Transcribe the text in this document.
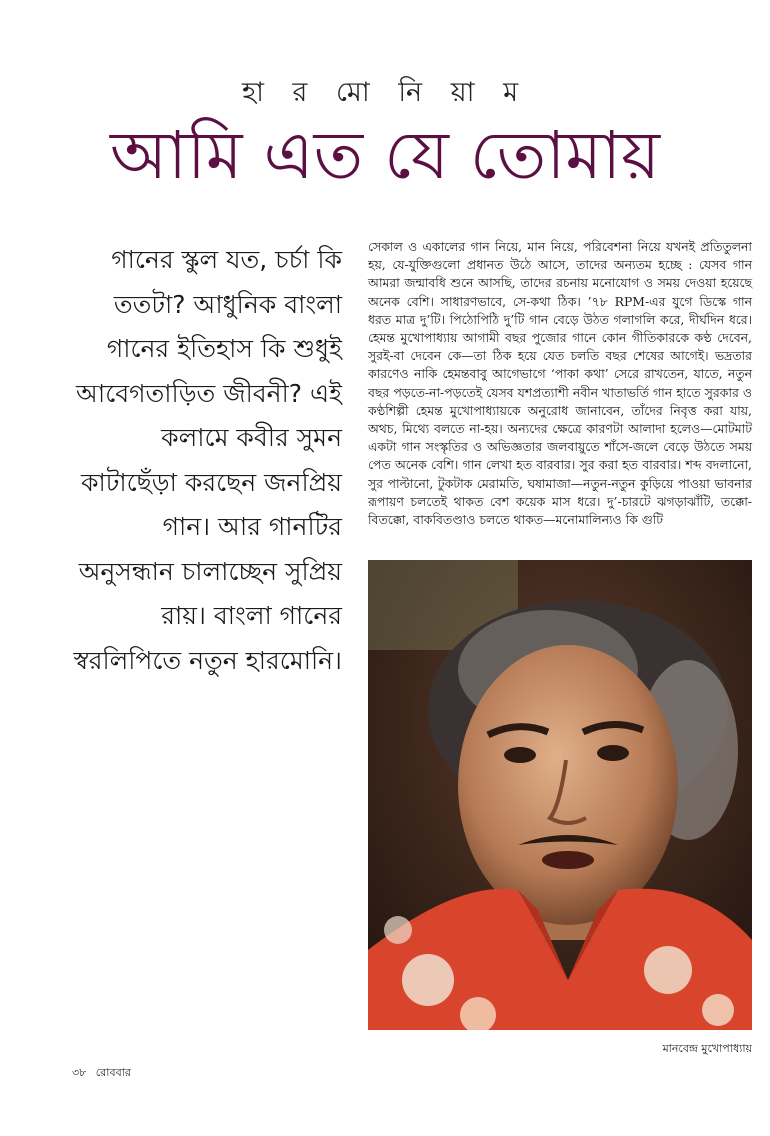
হা র মো নি য়া ম
আমি এত যে তোমায়

গানের স্কুল যত, চর্চা কি ততটা? আধুনিক বাংলা গানের ইতিহাস কি শুধুই আবেগতাড়িত জীবনী? এই কলামে কবীর সুমন কাটাছেঁড়া করছেন জনপ্রিয় গান। আর গানটির অনুসন্ধান চালাচ্ছেন সুপ্রিয় রায়। বাংলা গানের স্বরলিপিতে নতুন হারমোনি।

সেকাল ও একালের গান নিয়ে, মান নিয়ে, পরিবেশনা নিয়ে যখনই প্রতিতুলনা হয়, যে-যুক্তিগুলো প্রধানত উঠে আসে, তাদের অন্যতম হচ্ছে : যেসব গান আমরা জন্মাবধি শুনে আসছি, তাদের রচনায় মনোযোগ ও সময় দেওয়া হয়েছে অনেক বেশি। সাধারণভাবে, সে-কথা ঠিক। ’৭৮ RPM-এর যুগে ডিস্কে গান ধরত মাত্র দু’টি। পিঠোপিঠি দু’টি গান বেড়ে উঠত গলাগলি করে, দীর্ঘদিন ধরে। হেমন্ত মুখোপাধ্যায় আগামী বছর পুজোর গানে কোন গীতিকারকে কণ্ঠ দেবেন, সুরই-বা দেবেন কে—তা ঠিক হয়ে যেত চলতি বছর শেষের আগেই। ভদ্রতার কারণেও নাকি হেমন্তবাবু আগেভাগে ‘পাকা কথা’ সেরে রাখতেন, যাতে, নতুন বছর পড়তে-না-পড়তেই যেসব যশপ্রত্যাশী নবীন খাতাভর্তি গান হাতে সুরকার ও কণ্ঠশিল্পী হেমন্ত মুখোপাধ্যায়কে অনুরোধ জানাবেন, তাঁদের নিবৃত্ত করা যায়, অথচ, মিথ্যে বলতে না-হয়। অন্যদের ক্ষেত্রে কারণটা আলাদা হলেও—মোটমাট একটা গান সংস্কৃতির ও অভিজ্ঞতার জলবায়ুতে শাঁসে-জলে বেড়ে উঠতে সময় পেত অনেক বেশি। গান লেখা হত বারবার। সুর করা হত বারবার। শব্দ বদলানো, সুর পাল্টানো, টুকটাক মেরামতি, ঘষামাজা—নতুন-নতুন কুড়িয়ে পাওয়া ভাবনার রূপায়ণ চলতেই থাকত বেশ কয়েক মাস ধরে। দু’-চারটে ঝগড়াঝাঁটি, তক্কো-বিতক্কো, বাকবিতণ্ডাও চলতে থাকত—মনোমালিন্যও কি গুটি

মানবেন্দ্র মুখোপাধ্যায়
৩৮ রোববার
